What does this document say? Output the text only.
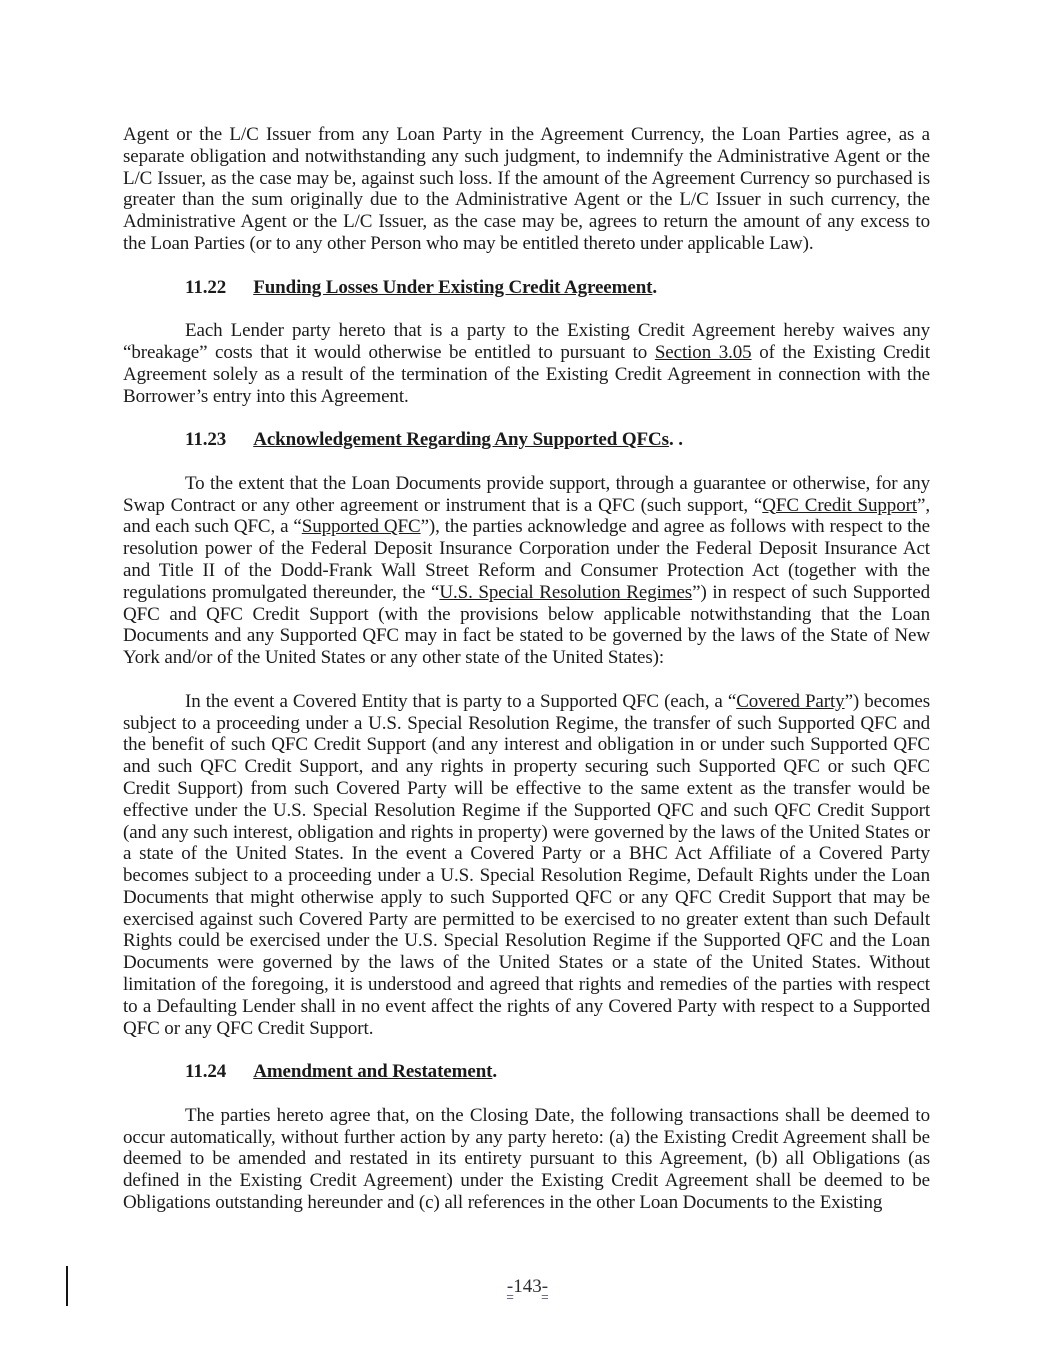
Agent or the L/C Issuer from any Loan Party in the Agreement Currency, the Loan Parties agree, as a separate obligation and notwithstanding any such judgment, to indemnify the Administrative Agent or the L/C Issuer, as the case may be, against such loss. If the amount of the Agreement Currency so purchased is greater than the sum originally due to the Administrative Agent or the L/C Issuer in such currency, the Administrative Agent or the L/C Issuer, as the case may be, agrees to return the amount of any excess to the Loan Parties (or to any other Person who may be entitled thereto under applicable Law).

11.22 Funding Losses Under Existing Credit Agreement.

Each Lender party hereto that is a party to the Existing Credit Agreement hereby waives any “breakage” costs that it would otherwise be entitled to pursuant to Section 3.05 of the Existing Credit Agreement solely as a result of the termination of the Existing Credit Agreement in connection with the Borrower’s entry into this Agreement.

11.23 Acknowledgement Regarding Any Supported QFCs. .

To the extent that the Loan Documents provide support, through a guarantee or otherwise, for any Swap Contract or any other agreement or instrument that is a QFC (such support, “QFC Credit Support”, and each such QFC, a “Supported QFC”), the parties acknowledge and agree as follows with respect to the resolution power of the Federal Deposit Insurance Corporation under the Federal Deposit Insurance Act and Title II of the Dodd-Frank Wall Street Reform and Consumer Protection Act (together with the regulations promulgated thereunder, the “U.S. Special Resolution Regimes”) in respect of such Supported QFC and QFC Credit Support (with the provisions below applicable notwithstanding that the Loan Documents and any Supported QFC may in fact be stated to be governed by the laws of the State of New York and/or of the United States or any other state of the United States):

In the event a Covered Entity that is party to a Supported QFC (each, a “Covered Party”) becomes subject to a proceeding under a U.S. Special Resolution Regime, the transfer of such Supported QFC and the benefit of such QFC Credit Support (and any interest and obligation in or under such Supported QFC and such QFC Credit Support, and any rights in property securing such Supported QFC or such QFC Credit Support) from such Covered Party will be effective to the same extent as the transfer would be effective under the U.S. Special Resolution Regime if the Supported QFC and such QFC Credit Support (and any such interest, obligation and rights in property) were governed by the laws of the United States or a state of the United States. In the event a Covered Party or a BHC Act Affiliate of a Covered Party becomes subject to a proceeding under a U.S. Special Resolution Regime, Default Rights under the Loan Documents that might otherwise apply to such Supported QFC or any QFC Credit Support that may be exercised against such Covered Party are permitted to be exercised to no greater extent than such Default Rights could be exercised under the U.S. Special Resolution Regime if the Supported QFC and the Loan Documents were governed by the laws of the United States or a state of the United States. Without limitation of the foregoing, it is understood and agreed that rights and remedies of the parties with respect to a Defaulting Lender shall in no event affect the rights of any Covered Party with respect to a Supported QFC or any QFC Credit Support.

11.24 Amendment and Restatement.

The parties hereto agree that, on the Closing Date, the following transactions shall be deemed to occur automatically, without further action by any party hereto: (a) the Existing Credit Agreement shall be deemed to be amended and restated in its entirety pursuant to this Agreement, (b) all Obligations (as defined in the Existing Credit Agreement) under the Existing Credit Agreement shall be deemed to be Obligations outstanding hereunder and (c) all references in the other Loan Documents to the Existing

-143-
